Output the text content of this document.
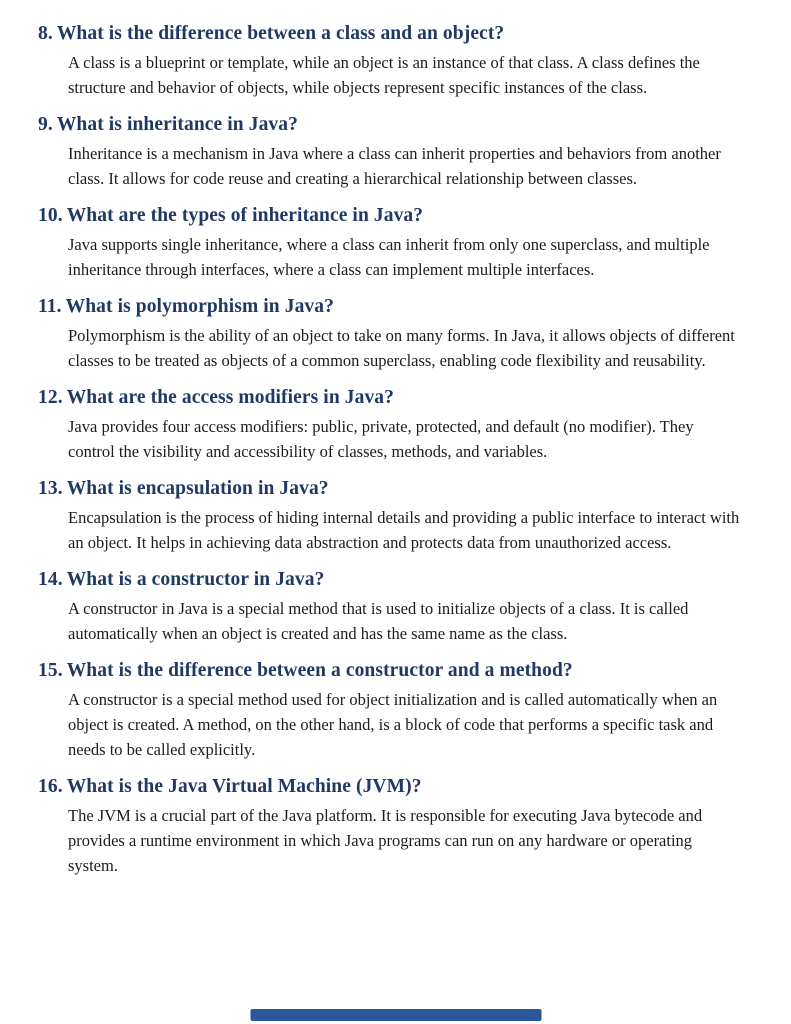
8. What is the difference between a class and an object?

A class is a blueprint or template, while an object is an instance of that class. A class defines the structure and behavior of objects, while objects represent specific instances of the class.

9. What is inheritance in Java?

Inheritance is a mechanism in Java where a class can inherit properties and behaviors from another class. It allows for code reuse and creating a hierarchical relationship between classes.

10. What are the types of inheritance in Java?

Java supports single inheritance, where a class can inherit from only one superclass, and multiple inheritance through interfaces, where a class can implement multiple interfaces.

11. What is polymorphism in Java?

Polymorphism is the ability of an object to take on many forms. In Java, it allows objects of different classes to be treated as objects of a common superclass, enabling code flexibility and reusability.

12. What are the access modifiers in Java?

Java provides four access modifiers: public, private, protected, and default (no modifier). They control the visibility and accessibility of classes, methods, and variables.

13. What is encapsulation in Java?

Encapsulation is the process of hiding internal details and providing a public interface to interact with an object. It helps in achieving data abstraction and protects data from unauthorized access.

14. What is a constructor in Java?

A constructor in Java is a special method that is used to initialize objects of a class. It is called automatically when an object is created and has the same name as the class.

15. What is the difference between a constructor and a method?

A constructor is a special method used for object initialization and is called automatically when an object is created. A method, on the other hand, is a block of code that performs a specific task and needs to be called explicitly.

16. What is the Java Virtual Machine (JVM)?

The JVM is a crucial part of the Java platform. It is responsible for executing Java bytecode and provides a runtime environment in which Java programs can run on any hardware or operating system.
